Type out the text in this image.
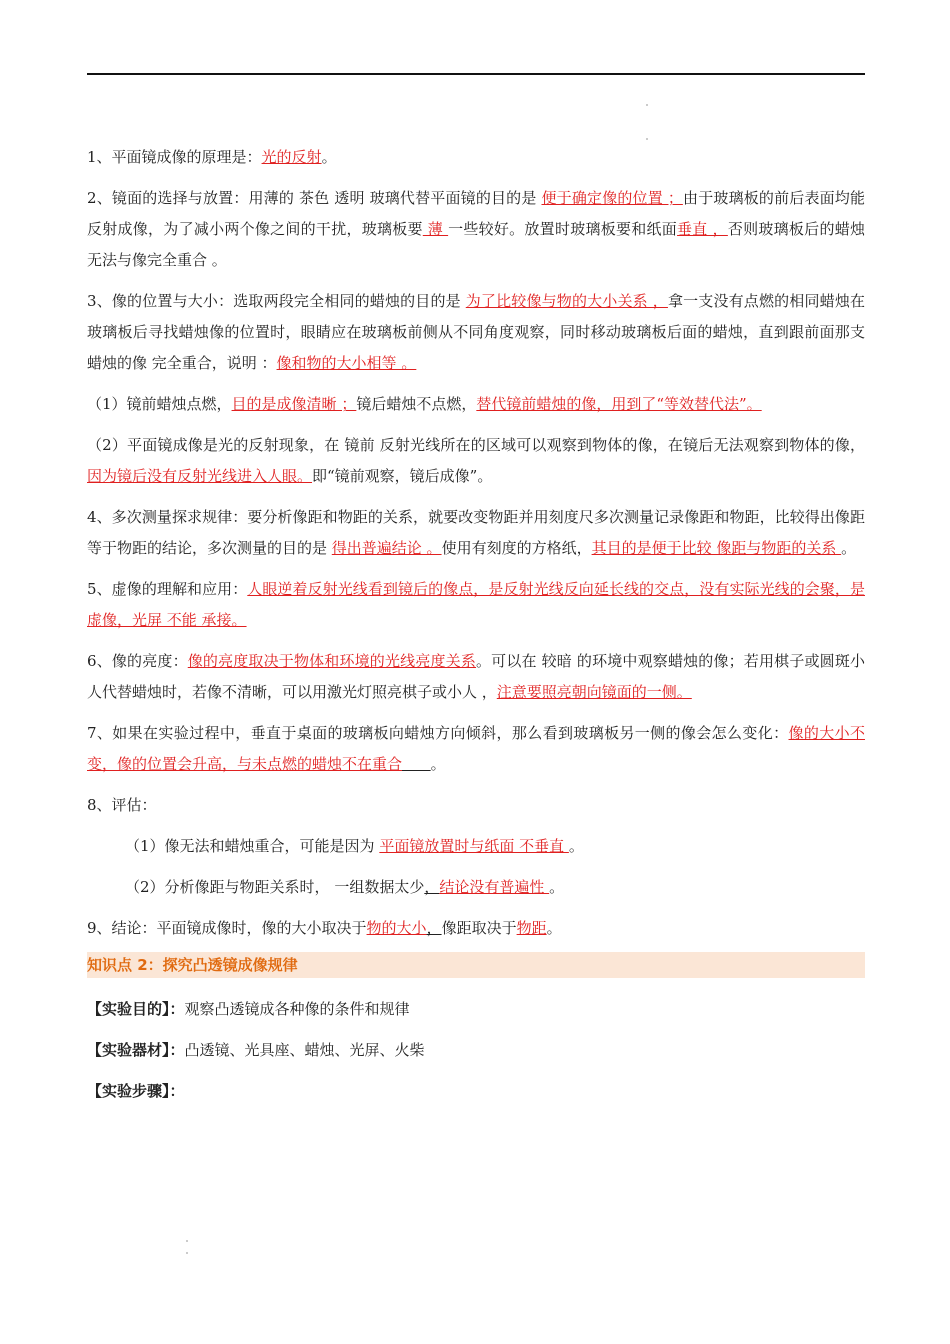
1、平面镜成像的原理是：光的反射。

2、镜面的选择与放置：用薄的 茶色 透明 玻璃代替平面镜的目的是 便于确定像的位置 ；由于玻璃板的前后表面均能反射成像，为了减小两个像之间的干扰，玻璃板要 薄 一些较好。放置时玻璃板要和纸面垂直 ，否则玻璃板后的蜡烛无法与像完全重合 。

3、像的位置与大小：选取两段完全相同的蜡烛的目的是 为了比较像与物的大小关系 ，拿一支没有点燃的相同蜡烛在玻璃板后寻找蜡烛像的位置时，眼睛应在玻璃板前侧从不同角度观察，同时移动玻璃板后面的蜡烛，直到跟前面那支蜡烛的像 完全重合，说明 ：像和物的大小相等 。

（1）镜前蜡烛点燃，目的是成像清晰 ；镜后蜡烛不点燃，替代镜前蜡烛的像，用到了“等效替代法”。

（2）平面镜成像是光的反射现象，在 镜前 反射光线所在的区域可以观察到物体的像，在镜后无法观察到物体的像，因为镜后没有反射光线进入人眼。即“镜前观察，镜后成像”。

4、多次测量探求规律：要分析像距和物距的关系，就要改变物距并用刻度尺多次测量记录像距和物距，比较得出像距等于物距的结论，多次测量的目的是 得出普遍结论 。使用有刻度的方格纸，其目的是便于比较 像距与物距的关系 。

5、虚像的理解和应用：人眼逆着反射光线看到镜后的像点，是反射光线反向延长线的交点，没有实际光线的会聚，是虚像，光屏 不能 承接。

6、像的亮度：像的亮度取决于物体和环境的光线亮度关系。可以在 较暗 的环境中观察蜡烛的像；若用棋子或圆斑小人代替蜡烛时，若像不清晰，可以用激光灯照亮棋子或小人 ，注意要照亮朝向镜面的一侧。

7、如果在实验过程中，垂直于桌面的玻璃板向蜡烛方向倾斜，那么看到玻璃板另一侧的像会怎么变化：像的大小不变，像的位置会升高，与未点燃的蜡烛不在重合 。

8、评估：

（1）像无法和蜡烛重合，可能是因为 平面镜放置时与纸面 不垂直 。

（2）分析像距与物距关系时， 一组数据太少，结论没有普遍性 。

9、结论：平面镜成像时，像的大小取决于物的大小，像距取决于物距。

知识点 2：探究凸透镜成像规律

【实验目的】：观察凸透镜成各种像的条件和规律

【实验器材】：凸透镜、光具座、蜡烛、光屏、火柴

【实验步骤】：
